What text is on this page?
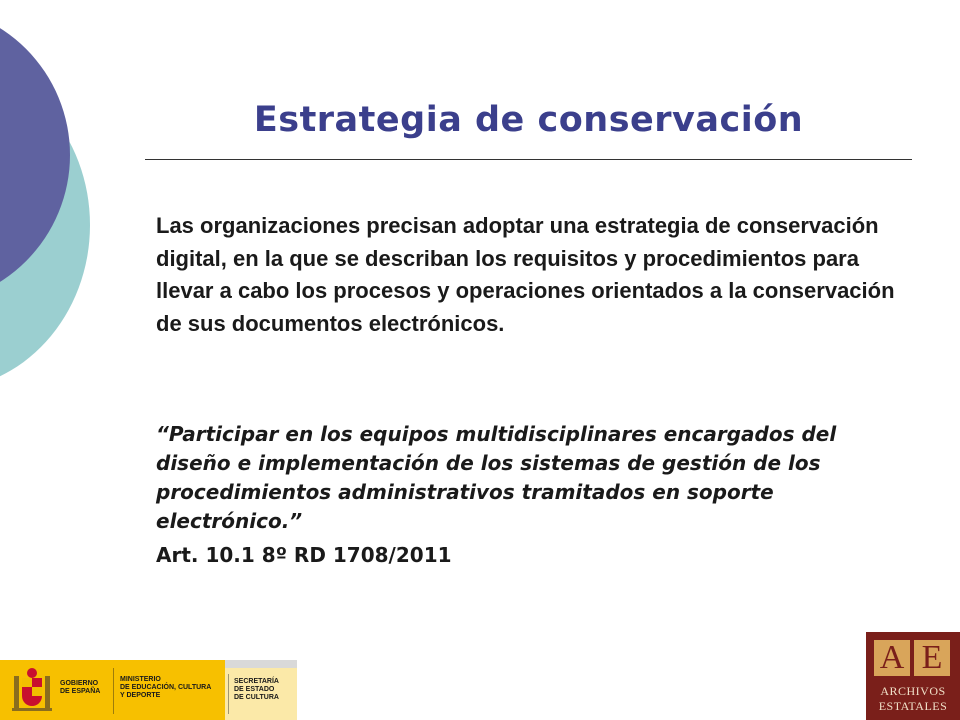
Estrategia de conservación
Las organizaciones precisan adoptar una estrategia de conservación digital, en la que se describan los requisitos y procedimientos para llevar a cabo los procesos y operaciones orientados a la conservación de sus documentos electrónicos.
“Participar en los equipos multidisciplinares encargados del diseño e implementación de los sistemas de gestión de los procedimientos administrativos tramitados en soporte electrónico.”
Art. 10.1 8º RD 1708/2011
GOBIERNO
DE ESPAÑA
MINISTERIO
DE EDUCACIÓN, CULTURA
Y DEPORTE
SECRETARÍA
DE ESTADO
DE CULTURA
A E
ARCHIVOS
ESTATALES
